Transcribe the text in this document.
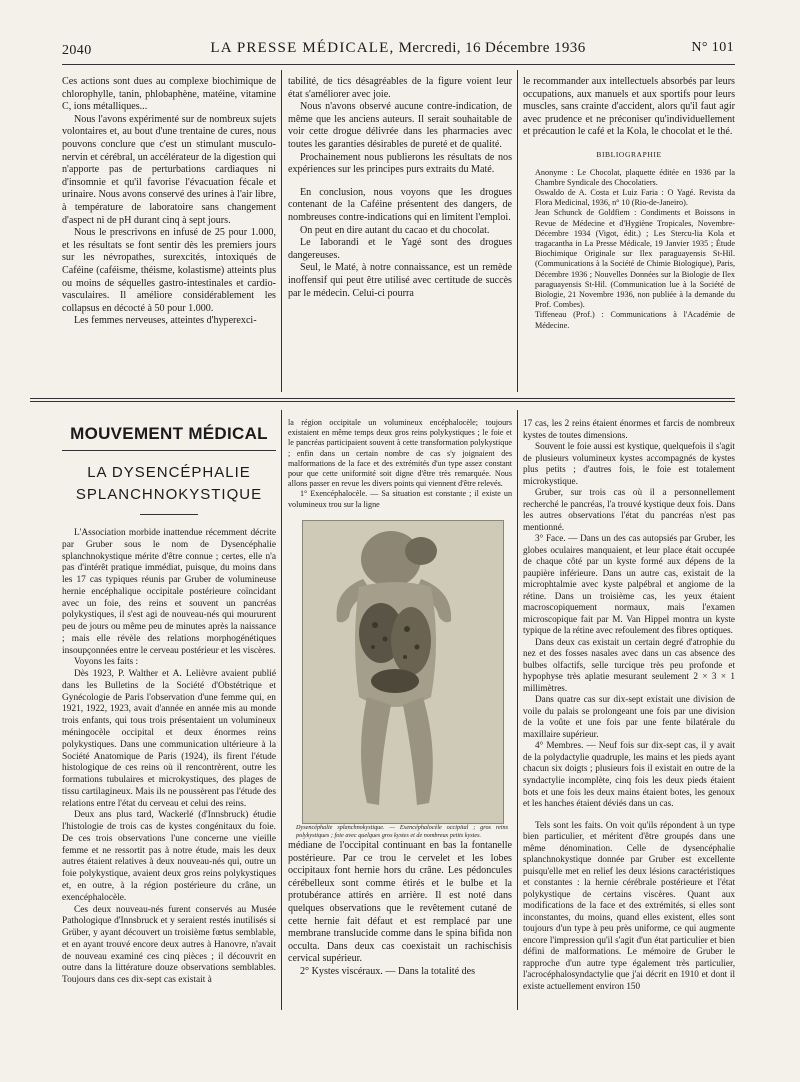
2040	LA PRESSE MÉDICALE, Mercredi, 16 Décembre 1936	N° 101

Ces actions sont dues au complexe biochimique de chlorophylle, tanin, phlobaphène, matéine, vitamine C, ions métalliques...

Nous l'avons expérimenté sur de nombreux sujets volontaires et, au bout d'une trentaine de cures, nous pouvons conclure que c'est un stimulant musculo-nervin et cérébral, un accélérateur de la digestion qui n'apporte pas de perturbations cardiaques ni d'insomnie et qu'il favorise l'évacuation fécale et urinaire. Nous avons conservé des urines à l'air libre, à température de laboratoire sans changement d'aspect ni de pH durant cinq à sept jours.

Nous le prescrivons en infusé de 25 pour 1.000, et les résultats se font sentir dès les premiers jours sur les névropathes, surexcités, intoxiqués de Caféine (caféisme, théisme, kolastisme) atteints plus ou moins de séquelles gastro-intestinales et cardio-vasculaires. Il améliore considérablement les collapsus en décocté à 50 pour 1.000.

Les femmes nerveuses, atteintes d'hyperexci-

tabilité, de tics désagréables de la figure voient leur état s'améliorer avec joie.

Nous n'avons observé aucune contre-indication, de même que les anciens auteurs. Il serait souhaitable de voir cette drogue délivrée dans les pharmacies avec toutes les garanties désirables de pureté et de qualité.

Prochainement nous publierons les résultats de nos expériences sur les principes purs extraits du Maté.

En conclusion, nous voyons que les drogues contenant de la Caféine présentent des dangers, de nombreuses contre-indications qui en limitent l'emploi.

On peut en dire autant du cacao et du chocolat.

Le Iaborandi et le Yagé sont des drogues dangereuses.

Seul, le Maté, à notre connaissance, est un remède inoffensif qui peut être utilisé avec certitude de succès par le médecin. Celui-ci pourra

le recommander aux intellectuels absorbés par leurs occupations, aux manuels et aux sportifs pour leurs muscles, sans crainte d'accident, alors qu'il faut agir avec prudence et ne préconiser qu'individuellement et précaution le café et la Kola, le chocolat et le thé.

BIBLIOGRAPHIE

Anonyme : Le Chocolat, plaquette éditée en 1936 par la Chambre Syndicale des Chocolatiers.

Oswaldo de A. Costa et Luiz Faria : O Yagé. Revista da Flora Medicinal, 1936, n° 10 (Rio-de-Janeiro).

Jean Schunck de Goldfiem : Condiments et Boissons in Revue de Médecine et d'Hygiène Tropicales, Novembre-Décembre 1934 (Vigot, édit.) ; Les Stercu-lia Kola et tragacantha in La Presse Médicale, 19 Janvier 1935 ; Étude Biochimique Originale sur Ilex paraguayensis St-Hil. (Communications à la Société de Chimie Biologique), Paris, Décembre 1936 ; Nouvelles Données sur la Biologie de Ilex paraguayensis St-Hil. (Communication lue à la Société de Biologie, 21 Novembre 1936, non publiée à la demande du Prof. Combes).

Tiffeneau (Prof.) : Communications à l'Académie de Médecine.

MOUVEMENT MÉDICAL
LA DYSENCÉPHALIE
SPLANCHNOKYSTIQUE

L'Association morbide inattendue récemment décrite par Gruber sous le nom de Dysencéphalie splanchnokystique mérite d'être connue ; certes, elle n'a pas d'intérêt pratique immédiat, puisque, du moins dans les 17 cas typiques réunis par Gruber de volumineuse hernie encéphalique occipitale postérieure coïncidant avec un foie, des reins et souvent un pancréas polykystiques, il s'est agi de nouveau-nés qui moururent peu de jours ou même peu de minutes après la naissance ; mais elle révèle des relations morphogénétiques insoupçonnées entre le cerveau postérieur et les viscères.

Voyons les faits :

Dès 1923, P. Walther et A. Lelièvre avaient publié dans les Bulletins de la Société d'Obstétrique et Gynécologie de Paris l'observation d'une femme qui, en 1921, 1922, 1923, avait d'année en année mis au monde trois enfants, qui tous trois présentaient un volumineux méningocèle occipital et deux énormes reins polykystiques. Dans une communication ultérieure à la Société Anatomique de Paris (1924), ils firent l'étude histologique de ces reins où il rencontrèrent, outre les formations tubulaires et microkystiques, des plages de tissu cartilagineux. Mais ils ne poussèrent pas l'étude des relations entre l'état du cerveau et celui des reins.

Deux ans plus tard, Wackerlé (d'Innsbruck) étudie l'histologie de trois cas de kystes congénitaux du foie. De ces trois observations l'une concerne une vieille femme et ne ressortit pas à notre étude, mais les deux autres étaient relatives à deux nouveau-nés qui, outre un foie polykystique, avaient deux gros reins polykystiques et, en outre, à la région postérieure du crâne, un exencéphalocèle.

Ces deux nouveau-nés furent conservés au Musée Pathologique d'Innsbruck et y seraient restés inutilisés si Grüber, y ayant découvert un troisième fœtus semblable, et en ayant trouvé encore deux autres à Hanovre, n'avait de nouveau examiné ces cinq pièces ; il découvrit en outre dans la littérature douze observations semblables. Toujours dans ces dix-sept cas existait à

la région occipitale un volumineux encéphalocèle; toujours existaient en même temps deux gros reins polykystiques ; le foie et le pancréas participaient souvent à cette transformation polykystique ; enfin dans un certain nombre de cas s'y joignaient des malformations de la face et des extrémités d'un type assez constant pour que cette uniformité soit digne d'être très remarquée. Nous allons passer en revue les divers points qui viennent d'être relevés.

1° Exencéphalocèle. — Sa situation est constante ; il existe un volumineux trou sur la ligne

Dysencéphalie splanchnokystique. — Exencéphalocèle occipital ; gros reins polykystiques ; foie avec quelques gros kystes et de nombreux petits kystes.

médiane de l'occipital continuant en bas la fontanelle postérieure. Par ce trou le cervelet et les lobes occipitaux font hernie hors du crâne. Les pédoncules cérébelleux sont comme étirés et le bulbe et la protubérance attirés en arrière. Il est noté dans quelques observations que le revêtement cutané de cette hernie fait défaut et est remplacé par une membrane translucide comme dans le spina bifida non occulta. Dans deux cas coexistait un rachischisis cervical supérieur.

2° Kystes viscéraux. — Dans la totalité des

17 cas, les 2 reins étaient énormes et farcis de nombreux kystes de toutes dimensions.

Souvent le foie aussi est kystique, quelquefois il s'agit de plusieurs volumineux kystes accompagnés de kystes plus petits ; d'autres fois, le foie est totalement microkystique.

Gruber, sur trois cas où il a personnellement recherché le pancréas, l'a trouvé kystique deux fois. Dans les autres observations l'état du pancréas n'est pas mentionné.

3° Face. — Dans un des cas autopsiés par Gruber, les globes oculaires manquaient, et leur place était occupée de chaque côté par un kyste formé aux dépens de la paupière inférieure. Dans un autre cas, existait de la microphtalmie avec kyste palpébral et angiome de la rétine. Dans un troisième cas, les yeux étaient macroscopiquement normaux, mais l'examen microscopique fait par M. Van Hippel montra un kyste typique de la rétine avec refoulement des fibres optiques.

Dans deux cas existait un certain degré d'atrophie du nez et des fosses nasales avec dans un cas absence des bulbes olfactifs, selle turcique très peu profonde et hypophyse très aplatie mesurant seulement 2 × 3 × 1 millimètres.

Dans quatre cas sur dix-sept existait une division de voile du palais se prolongeant une fois par une division de la voûte et une fois par une fente bilatérale du maxillaire supérieur.

4° Membres. — Neuf fois sur dix-sept cas, il y avait de la polydactylie quadruple, les mains et les pieds ayant chacun six doigts ; plusieurs fois il existait en outre de la syndactylie incomplète, cinq fois les deux pieds étaient bots et une fois les deux mains étaient botes, les genoux et les hanches étaient déviés dans un cas.

Tels sont les faits. On voit qu'ils répondent à un type bien particulier, et méritent d'être groupés dans une même dénomination. Celle de dysencéphalie splanchnokystique donnée par Gruber est excellente puisqu'elle met en relief les deux lésions caractéristiques et constantes : la hernie cérébrale postérieure et l'état polykystique de certains viscères. Quant aux modifications de la face et des extrémités, si elles sont inconstantes, du moins, quand elles existent, elles sont toujours d'un type à peu près uniforme, ce qui augmente encore l'impression qu'il s'agit d'un état particulier et bien défini de malformations. Le mémoire de Gruber le rapproche d'un autre type également très particulier, l'acrocéphalosyndactylie que j'ai décrit en 1910 et dont il existe actuellement environ 150
